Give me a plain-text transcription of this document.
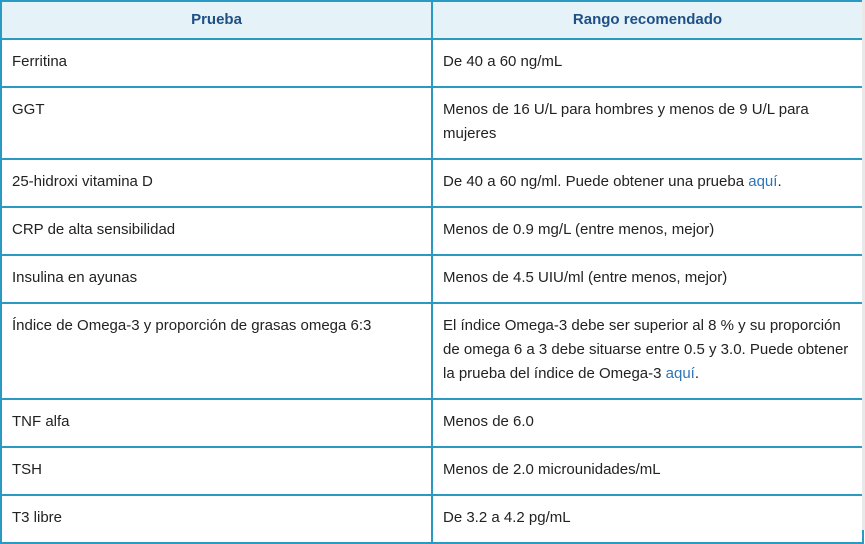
Prueba	Rango recomendado
Ferritina	De 40 a 60 ng/mL
GGT	Menos de 16 U/L para hombres y menos de 9 U/L para mujeres
25-hidroxi vitamina D	De 40 a 60 ng/ml. Puede obtener una prueba aquí.
CRP de alta sensibilidad	Menos de 0.9 mg/L (entre menos, mejor)
Insulina en ayunas	Menos de 4.5 UIU/ml (entre menos, mejor)
Índice de Omega-3 y proporción de grasas omega 6:3	El índice Omega-3 debe ser superior al 8 % y su proporción de omega 6 a 3 debe situarse entre 0.5 y 3.0. Puede obtener la prueba del índice de Omega-3 aquí.
TNF alfa	Menos de 6.0
TSH	Menos de 2.0 microunidades/mL
T3 libre	De 3.2 a 4.2 pg/mL
